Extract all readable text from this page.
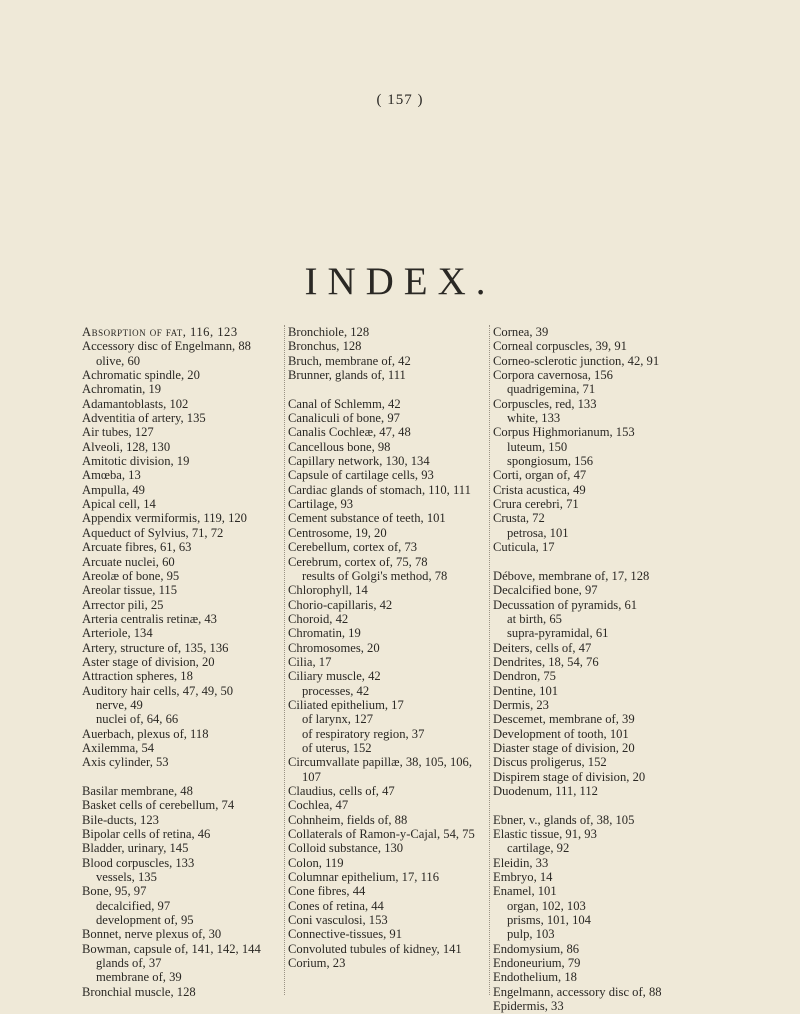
( 157 )
INDEX.

Absorption of fat, 116, 123

Accessory disc of Engelmann, 88

olive, 60

Achromatic spindle, 20

Achromatin, 19

Adamantoblasts, 102

Adventitia of artery, 135

Air tubes, 127

Alveoli, 128, 130

Amitotic division, 19

Amœba, 13

Ampulla, 49

Apical cell, 14

Appendix vermiformis, 119, 120

Aqueduct of Sylvius, 71, 72

Arcuate fibres, 61, 63

Arcuate nuclei, 60

Areolæ of bone, 95

Areolar tissue, 115

Arrector pili, 25

Arteria centralis retinæ, 43

Arteriole, 134

Artery, structure of, 135, 136

Aster stage of division, 20

Attraction spheres, 18

Auditory hair cells, 47, 49, 50

nerve, 49

nuclei of, 64, 66

Auerbach, plexus of, 118

Axilemma, 54

Axis cylinder, 53

Basilar membrane, 48

Basket cells of cerebellum, 74

Bile-ducts, 123

Bipolar cells of retina, 46

Bladder, urinary, 145

Blood corpuscles, 133

vessels, 135

Bone, 95, 97

decalcified, 97

development of, 95

Bonnet, nerve plexus of, 30

Bowman, capsule of, 141, 142, 144

glands of, 37

membrane of, 39

Bronchial muscle, 128

Bronchiole, 128

Bronchus, 128

Bruch, membrane of, 42

Brunner, glands of, 111

Canal of Schlemm, 42

Canaliculi of bone, 97

Canalis Cochleæ, 47, 48

Cancellous bone, 98

Capillary network, 130, 134

Capsule of cartilage cells, 93

Cardiac glands of stomach, 110, 111

Cartilage, 93

Cement substance of teeth, 101

Centrosome, 19, 20

Cerebellum, cortex of, 73

Cerebrum, cortex of, 75, 78

results of Golgi's method, 78

Chlorophyll, 14

Chorio-capillaris, 42

Choroid, 42

Chromatin, 19

Chromosomes, 20

Cilia, 17

Ciliary muscle, 42

processes, 42

Ciliated epithelium, 17

of larynx, 127

of respiratory region, 37

of uterus, 152

Circumvallate papillæ, 38, 105, 106, 107

Claudius, cells of, 47

Cochlea, 47

Cohnheim, fields of, 88

Collaterals of Ramon-y-Cajal, 54, 75

Colloid substance, 130

Colon, 119

Columnar epithelium, 17, 116

Cone fibres, 44

Cones of retina, 44

Coni vasculosi, 153

Connective-tissues, 91

Convoluted tubules of kidney, 141

Corium, 23

Cornea, 39

Corneal corpuscles, 39, 91

Corneo-sclerotic junction, 42, 91

Corpora cavernosa, 156

quadrigemina, 71

Corpuscles, red, 133

white, 133

Corpus Highmorianum, 153

luteum, 150

spongiosum, 156

Corti, organ of, 47

Crista acustica, 49

Crura cerebri, 71

Crusta, 72

petrosa, 101

Cuticula, 17

Débove, membrane of, 17, 128

Decalcified bone, 97

Decussation of pyramids, 61

at birth, 65

supra-pyramidal, 61

Deiters, cells of, 47

Dendrites, 18, 54, 76

Dendron, 75

Dentine, 101

Dermis, 23

Descemet, membrane of, 39

Development of tooth, 101

Diaster stage of division, 20

Discus proligerus, 152

Dispirem stage of division, 20

Duodenum, 111, 112

Ebner, v., glands of, 38, 105

Elastic tissue, 91, 93

cartilage, 92

Eleidin, 33

Embryo, 14

Enamel, 101

organ, 102, 103

prisms, 101, 104

pulp, 103

Endomysium, 86

Endoneurium, 79

Endothelium, 18

Engelmann, accessory disc of, 88

Epidermis, 33
